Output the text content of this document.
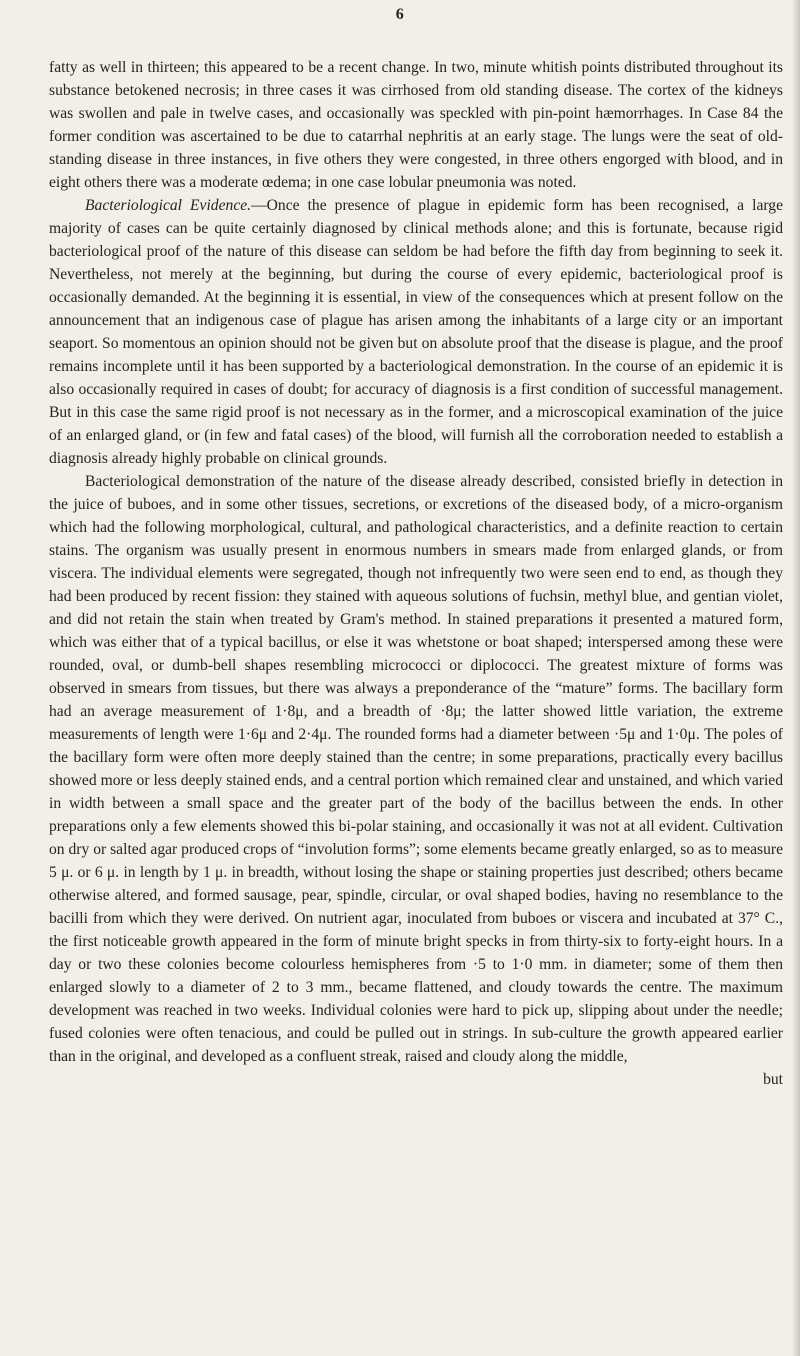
6

fatty as well in thirteen; this appeared to be a recent change. In two, minute whitish points distributed throughout its substance betokened necrosis; in three cases it was cirrhosed from old standing disease. The cortex of the kidneys was swollen and pale in twelve cases, and occasionally was speckled with pin-point hæmorrhages. In Case 84 the former condition was ascertained to be due to catarrhal nephritis at an early stage. The lungs were the seat of old-standing disease in three instances, in five others they were congested, in three others engorged with blood, and in eight others there was a moderate œdema; in one case lobular pneumonia was noted.

Bacteriological Evidence.—Once the presence of plague in epidemic form has been recognised, a large majority of cases can be quite certainly diagnosed by clinical methods alone; and this is fortunate, because rigid bacteriological proof of the nature of this disease can seldom be had before the fifth day from beginning to seek it. Nevertheless, not merely at the beginning, but during the course of every epidemic, bacteriological proof is occasionally demanded. At the beginning it is essential, in view of the consequences which at present follow on the announcement that an indigenous case of plague has arisen among the inhabitants of a large city or an important seaport. So momentous an opinion should not be given but on absolute proof that the disease is plague, and the proof remains incomplete until it has been supported by a bacteriological demonstration. In the course of an epidemic it is also occasionally required in cases of doubt; for accuracy of diagnosis is a first condition of successful management. But in this case the same rigid proof is not necessary as in the former, and a microscopical examination of the juice of an enlarged gland, or (in few and fatal cases) of the blood, will furnish all the corroboration needed to establish a diagnosis already highly probable on clinical grounds.

Bacteriological demonstration of the nature of the disease already described, consisted briefly in detection in the juice of buboes, and in some other tissues, secretions, or excretions of the diseased body, of a micro-organism which had the following morphological, cultural, and pathological characteristics, and a definite reaction to certain stains. The organism was usually present in enormous numbers in smears made from enlarged glands, or from viscera. The individual elements were segregated, though not infrequently two were seen end to end, as though they had been produced by recent fission: they stained with aqueous solutions of fuchsin, methyl blue, and gentian violet, and did not retain the stain when treated by Gram's method. In stained preparations it presented a matured form, which was either that of a typical bacillus, or else it was whetstone or boat shaped; interspersed among these were rounded, oval, or dumb-bell shapes resembling micrococci or diplococci. The greatest mixture of forms was observed in smears from tissues, but there was always a preponderance of the “mature” forms. The bacillary form had an average measurement of 1·8μ, and a breadth of ·8μ; the latter showed little variation, the extreme measurements of length were 1·6μ and 2·4μ. The rounded forms had a diameter between ·5μ and 1·0μ. The poles of the bacillary form were often more deeply stained than the centre; in some preparations, practically every bacillus showed more or less deeply stained ends, and a central portion which remained clear and unstained, and which varied in width between a small space and the greater part of the body of the bacillus between the ends. In other preparations only a few elements showed this bi-polar staining, and occasionally it was not at all evident. Cultivation on dry or salted agar produced crops of “involution forms”; some elements became greatly enlarged, so as to measure 5 μ. or 6 μ. in length by 1 μ. in breadth, without losing the shape or staining properties just described; others became otherwise altered, and formed sausage, pear, spindle, circular, or oval shaped bodies, having no resemblance to the bacilli from which they were derived. On nutrient agar, inoculated from buboes or viscera and incubated at 37° C., the first noticeable growth appeared in the form of minute bright specks in from thirty-six to forty-eight hours. In a day or two these colonies become colourless hemispheres from ·5 to 1·0 mm. in diameter; some of them then enlarged slowly to a diameter of 2 to 3 mm., became flattened, and cloudy towards the centre. The maximum development was reached in two weeks. Individual colonies were hard to pick up, slipping about under the needle; fused colonies were often tenacious, and could be pulled out in strings. In sub-culture the growth appeared earlier than in the original, and developed as a confluent streak, raised and cloudy along the middle,

but
